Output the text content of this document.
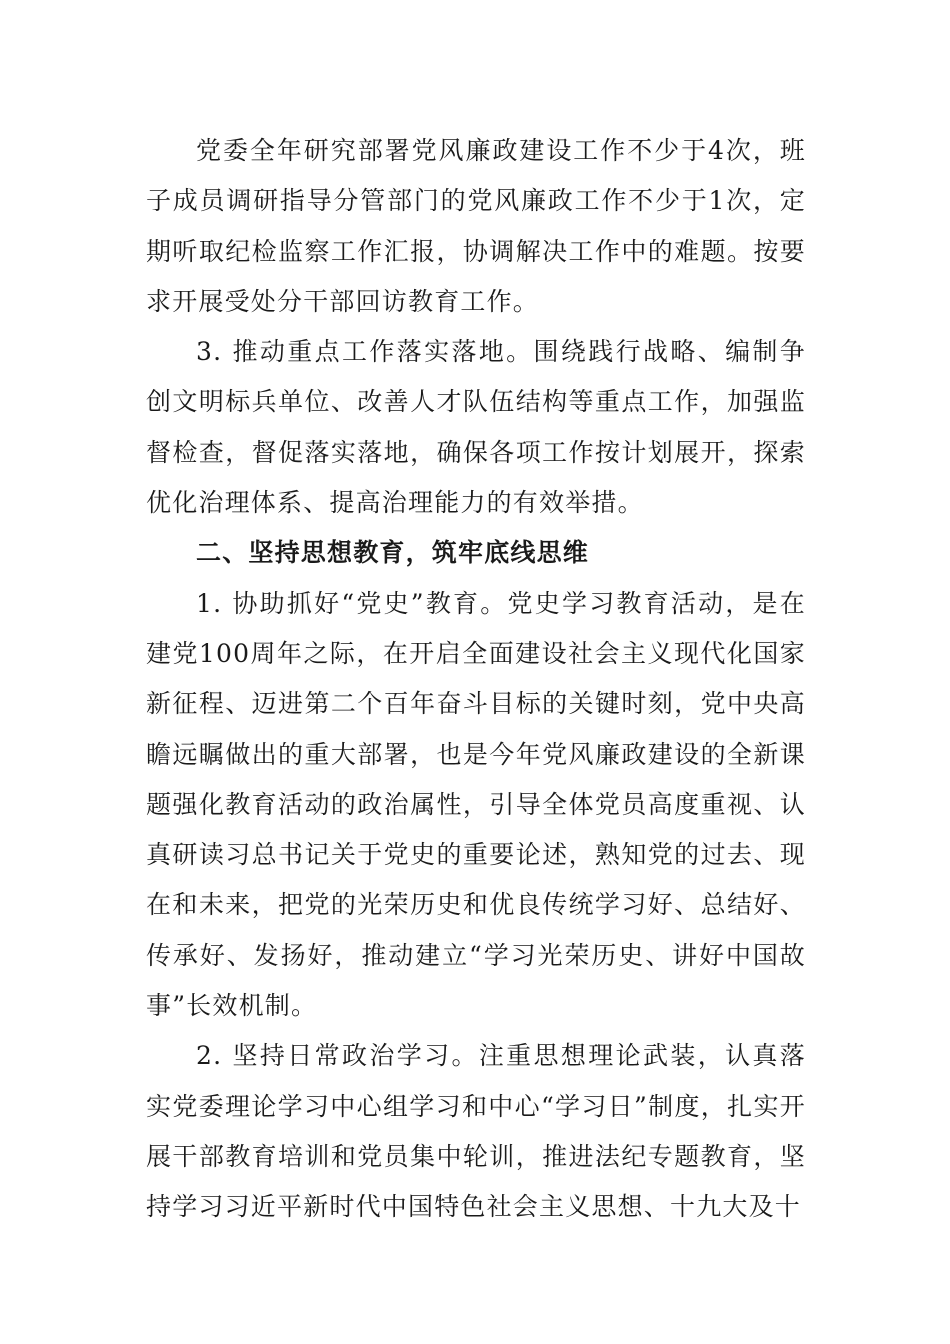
党委全年研究部署党风廉政建设工作不少于4次，班子成员调研指导分管部门的党风廉政工作不少于1次，定期听取纪检监察工作汇报，协调解决工作中的难题。按要求开展受处分干部回访教育工作。

3. 推动重点工作落实落地。围绕践行战略、编制争创文明标兵单位、改善人才队伍结构等重点工作，加强监督检查，督促落实落地，确保各项工作按计划展开，探索优化治理体系、提高治理能力的有效举措。

二、坚持思想教育，筑牢底线思维

1. 协助抓好“党史”教育。党史学习教育活动，是在建党100周年之际，在开启全面建设社会主义现代化国家新征程、迈进第二个百年奋斗目标的关键时刻，党中央高瞻远瞩做出的重大部署，也是今年党风廉政建设的全新课题强化教育活动的政治属性，引导全体党员高度重视、认真研读习总书记关于党史的重要论述，熟知党的过去、现在和未来，把党的光荣历史和优良传统学习好、总结好、传承好、发扬好，推动建立“学习光荣历史、讲好中国故事”长效机制。

2. 坚持日常政治学习。注重思想理论武装，认真落实党委理论学习中心组学习和中心“学习日”制度，扎实开展干部教育培训和党员集中轮训，推进法纪专题教育，坚持学习习近平新时代中国特色社会主义思想、十九大及十
